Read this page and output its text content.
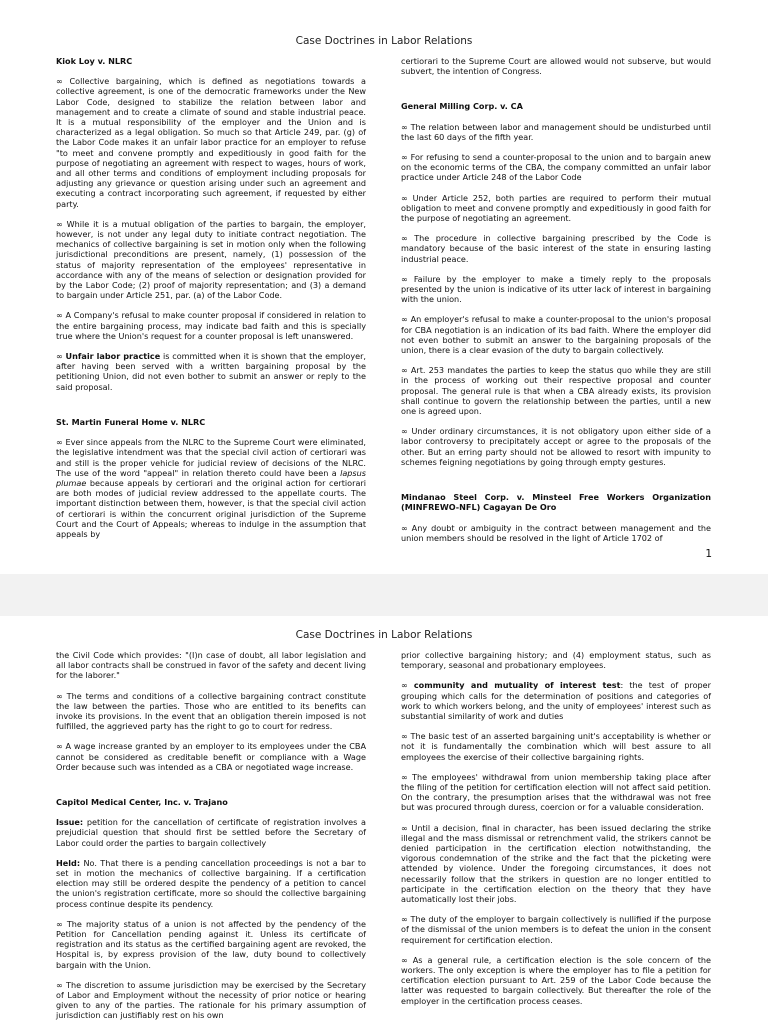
Case Doctrines in Labor Relations

Kiok Loy v. NLRC

∞ Collective bargaining, which is defined as negotiations towards a collective agreement, is one of the democratic frameworks under the New Labor Code, designed to stabilize the relation between labor and management and to create a climate of sound and stable industrial peace. It is a mutual responsibility of the employer and the Union and is characterized as a legal obligation. So much so that Article 249, par. (g) of the Labor Code makes it an unfair labor practice for an employer to refuse "to meet and convene promptly and expeditiously in good faith for the purpose of negotiating an agreement with respect to wages, hours of work, and all other terms and conditions of employment including proposals for adjusting any grievance or question arising under such an agreement and executing a contract incorporating such agreement, if requested by either party.

∞ While it is a mutual obligation of the parties to bargain, the employer, however, is not under any legal duty to initiate contract negotiation. The mechanics of collective bargaining is set in motion only when the following jurisdictional preconditions are present, namely, (1) possession of the status of majority representation of the employees' representative in accordance with any of the means of selection or designation provided for by the Labor Code; (2) proof of majority representation; and (3) a demand to bargain under Article 251, par. (a) of the Labor Code.

∞ A Company's refusal to make counter proposal if considered in relation to the entire bargaining process, may indicate bad faith and this is specially true where the Union's request for a counter proposal is left unanswered.

∞ Unfair labor practice is committed when it is shown that the employer, after having been served with a written bargaining proposal by the petitioning Union, did not even bother to submit an answer or reply to the said proposal.

St. Martin Funeral Home v. NLRC

∞ Ever since appeals from the NLRC to the Supreme Court were eliminated, the legislative intendment was that the special civil action of certiorari was and still is the proper vehicle for judicial review of decisions of the NLRC. The use of the word "appeal" in relation thereto could have been a lapsus plumae because appeals by certiorari and the original action for certiorari are both modes of judicial review addressed to the appellate courts. The important distinction between them, however, is that the special civil action of certiorari is within the concurrent original jurisdiction of the Supreme Court and the Court of Appeals; whereas to indulge in the assumption that appeals by

certiorari to the Supreme Court are allowed would not subserve, but would subvert, the intention of Congress.

General Milling Corp. v. CA

∞ The relation between labor and management should be undisturbed until the last 60 days of the fifth year.

∞ For refusing to send a counter-proposal to the union and to bargain anew on the economic terms of the CBA, the company committed an unfair labor practice under Article 248 of the Labor Code

∞ Under Article 252, both parties are required to perform their mutual obligation to meet and convene promptly and expeditiously in good faith for the purpose of negotiating an agreement.

∞ The procedure in collective bargaining prescribed by the Code is mandatory because of the basic interest of the state in ensuring lasting industrial peace.

∞ Failure by the employer to make a timely reply to the proposals presented by the union is indicative of its utter lack of interest in bargaining with the union.

∞ An employer's refusal to make a counter-proposal to the union's proposal for CBA negotiation is an indication of its bad faith. Where the employer did not even bother to submit an answer to the bargaining proposals of the union, there is a clear evasion of the duty to bargain collectively.

∞ Art. 253 mandates the parties to keep the status quo while they are still in the process of working out their respective proposal and counter proposal. The general rule is that when a CBA already exists, its provision shall continue to govern the relationship between the parties, until a new one is agreed upon.

∞ Under ordinary circumstances, it is not obligatory upon either side of a labor controversy to precipitately accept or agree to the proposals of the other. But an erring party should not be allowed to resort with impunity to schemes feigning negotiations by going through empty gestures.

Mindanao Steel Corp. v. Minsteel Free Workers Organization (MINFREWO-NFL) Cagayan De Oro

∞ Any doubt or ambiguity in the contract between management and the union members should be resolved in the light of Article 1702 of

1
Case Doctrines in Labor Relations

the Civil Code which provides: "(I)n case of doubt, all labor legislation and all labor contracts shall be construed in favor of the safety and decent living for the laborer."

∞ The terms and conditions of a collective bargaining contract constitute the law between the parties. Those who are entitled to its benefits can invoke its provisions. In the event that an obligation therein imposed is not fulfilled, the aggrieved party has the right to go to court for redress.

∞ A wage increase granted by an employer to its employees under the CBA cannot be considered as creditable benefit or compliance with a Wage Order because such was intended as a CBA or negotiated wage increase.

Capitol Medical Center, Inc. v. Trajano

Issue: petition for the cancellation of certificate of registration involves a prejudicial question that should first be settled before the Secretary of Labor could order the parties to bargain collectively

Held: No. That there is a pending cancellation proceedings is not a bar to set in motion the mechanics of collective bargaining. If a certification election may still be ordered despite the pendency of a petition to cancel the union's registration certificate, more so should the collective bargaining process continue despite its pendency.

∞ The majority status of a union is not affected by the pendency of the Petition for Cancellation pending against it. Unless its certificate of registration and its status as the certified bargaining agent are revoked, the Hospital is, by express provision of the law, duty bound to collectively bargain with the Union.

∞ The discretion to assume jurisdiction may be exercised by the Secretary of Labor and Employment without the necessity of prior notice or hearing given to any of the parties. The rationale for his primary assumption of jurisdiction can justifiably rest on his own

prior collective bargaining history; and (4) employment status, such as temporary, seasonal and probationary employees.

∞ community and mutuality of interest test: the test of proper grouping which calls for the determination of positions and categories of work to which workers belong, and the unity of employees' interest such as substantial similarity of work and duties

∞ The basic test of an asserted bargaining unit's acceptability is whether or not it is fundamentally the combination which will best assure to all employees the exercise of their collective bargaining rights.

∞ The employees' withdrawal from union membership taking place after the filing of the petition for certification election will not affect said petition. On the contrary, the presumption arises that the withdrawal was not free but was procured through duress, coercion or for a valuable consideration.

∞ Until a decision, final in character, has been issued declaring the strike illegal and the mass dismissal or retrenchment valid, the strikers cannot be denied participation in the certification election notwithstanding, the vigorous condemnation of the strike and the fact that the picketing were attended by violence. Under the foregoing circumstances, it does not necessarily follow that the strikers in question are no longer entitled to participate in the certification election on the theory that they have automatically lost their jobs.

∞ The duty of the employer to bargain collectively is nullified if the purpose of the dismissal of the union members is to defeat the union in the consent requirement for certification election.

∞ As a general rule, a certification election is the sole concern of the workers. The only exception is where the employer has to file a petition for certification election pursuant to Art. 259 of the Labor Code because the latter was requested to bargain collectively. But thereafter the role of the employer in the certification process ceases.
